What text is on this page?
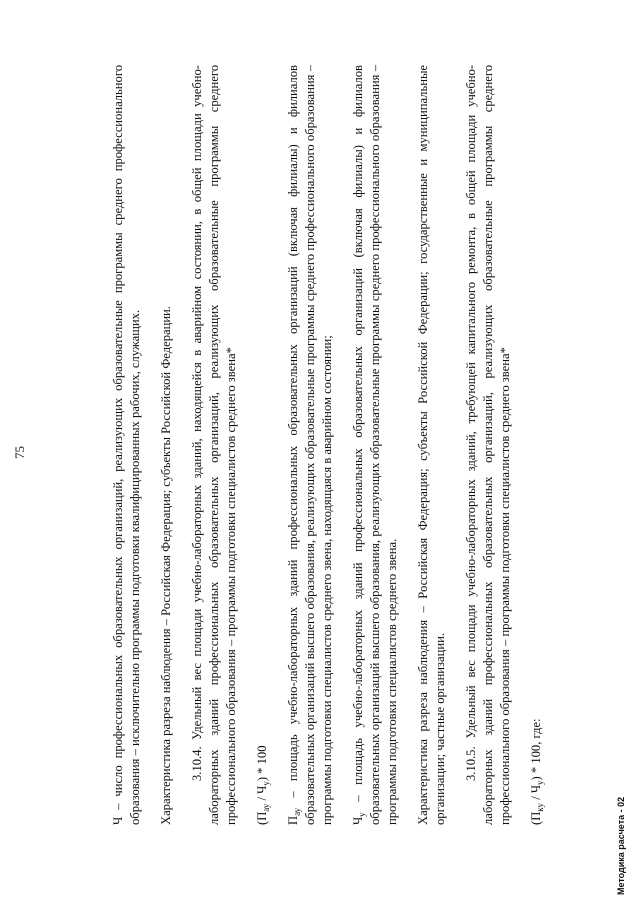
75	Ч – число профессиональных образовательных организаций, реализующих образовательные программы среднего профессионального образования – исключительно программы подготовки квалифицированных рабочих, служащих. Характеристика разреза наблюдения – Российская Федерация; субъекты Российской Федерации. 3.10.4. Удельный вес площади учебно-лабораторных зданий, находящейся в аварийном состоянии, в общей площади учебно-лабораторных зданий профессиональных образовательных организаций, реализующих образовательные программы среднего профессионального образования – программы подготовки специалистов среднего звена* $(П_{ау} / Ч_у) * 100$

$П_{ау}$ – площадь учебно-лабораторных зданий профессиональных образовательных организаций (включая филиалы) и филиалов образовательных организаций высшего образования, реализующих образовательные программы среднего профессионального образования – программы подготовки специалистов среднего звена, находящаяся в аварийном состоянии; $Ч_у$ – площадь учебно-лабораторных зданий профессиональных образовательных организаций (включая филиалы) и филиалов образовательных организаций высшего образования, реализующих образовательные программы среднего профессионального образования – программы подготовки специалистов среднего звена. Характеристика разреза наблюдения – Российская Федерация; субъекты Российской Федерации; государственные и муниципальные организации; частные организации. 3.10.5. Удельный вес площади учебно-лабораторных зданий, требующей капитального ремонта, в общей площади учебно-лабораторных зданий профессиональных образовательных организаций, реализующих образовательные программы среднего профессионального образования – программы подготовки специалистов среднего звена* $(П_{ку} / Ч_у) * 100$, где:

Методика расчета - 02
